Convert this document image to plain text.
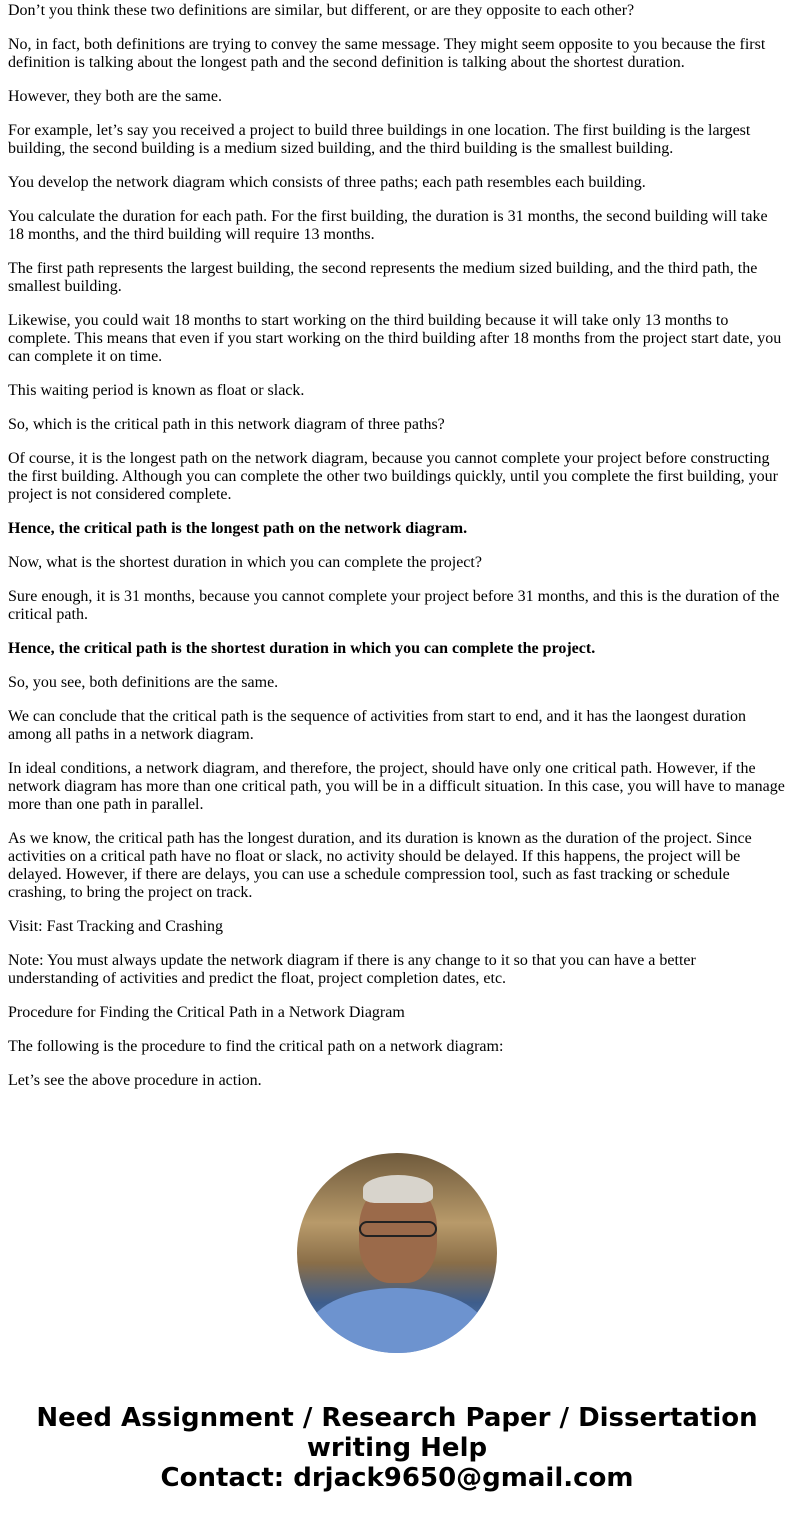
Don’t you think these two definitions are similar, but different, or are they opposite to each other?

No, in fact, both definitions are trying to convey the same message. They might seem opposite to you because the first definition is talking about the longest path and the second definition is talking about the shortest duration.

However, they both are the same.

For example, let’s say you received a project to build three buildings in one location. The first building is the largest building, the second building is a medium sized building, and the third building is the smallest building.

You develop the network diagram which consists of three paths; each path resembles each building.

You calculate the duration for each path. For the first building, the duration is 31 months, the second building will take 18 months, and the third building will require 13 months.

The first path represents the largest building, the second represents the medium sized building, and the third path, the smallest building.

Likewise, you could wait 18 months to start working on the third building because it will take only 13 months to complete. This means that even if you start working on the third building after 18 months from the project start date, you can complete it on time.

This waiting period is known as float or slack.

So, which is the critical path in this network diagram of three paths?

Of course, it is the longest path on the network diagram, because you cannot complete your project before constructing the first building. Although you can complete the other two buildings quickly, until you complete the first building, your project is not considered complete.

Hence, the critical path is the longest path on the network diagram.

Now, what is the shortest duration in which you can complete the project?

Sure enough, it is 31 months, because you cannot complete your project before 31 months, and this is the duration of the critical path.

Hence, the critical path is the shortest duration in which you can complete the project.

So, you see, both definitions are the same.

We can conclude that the critical path is the sequence of activities from start to end, and it has the laongest duration among all paths in a network diagram.

In ideal conditions, a network diagram, and therefore, the project, should have only one critical path. However, if the network diagram has more than one critical path, you will be in a difficult situation. In this case, you will have to manage more than one path in parallel.

As we know, the critical path has the longest duration, and its duration is known as the duration of the project. Since activities on a critical path have no float or slack, no activity should be delayed. If this happens, the project will be delayed. However, if there are delays, you can use a schedule compression tool, such as fast tracking or schedule crashing, to bring the project on track.

Visit: Fast Tracking and Crashing

Note: You must always update the network diagram if there is any change to it so that you can have a better understanding of activities and predict the float, project completion dates, etc.

Procedure for Finding the Critical Path in a Network Diagram

The following is the procedure to find the critical path on a network diagram:

Let’s see the above procedure in action.

Need Assignment / Research Paper / Dissertation writing Help
Contact: drjack9650@gmail.com
